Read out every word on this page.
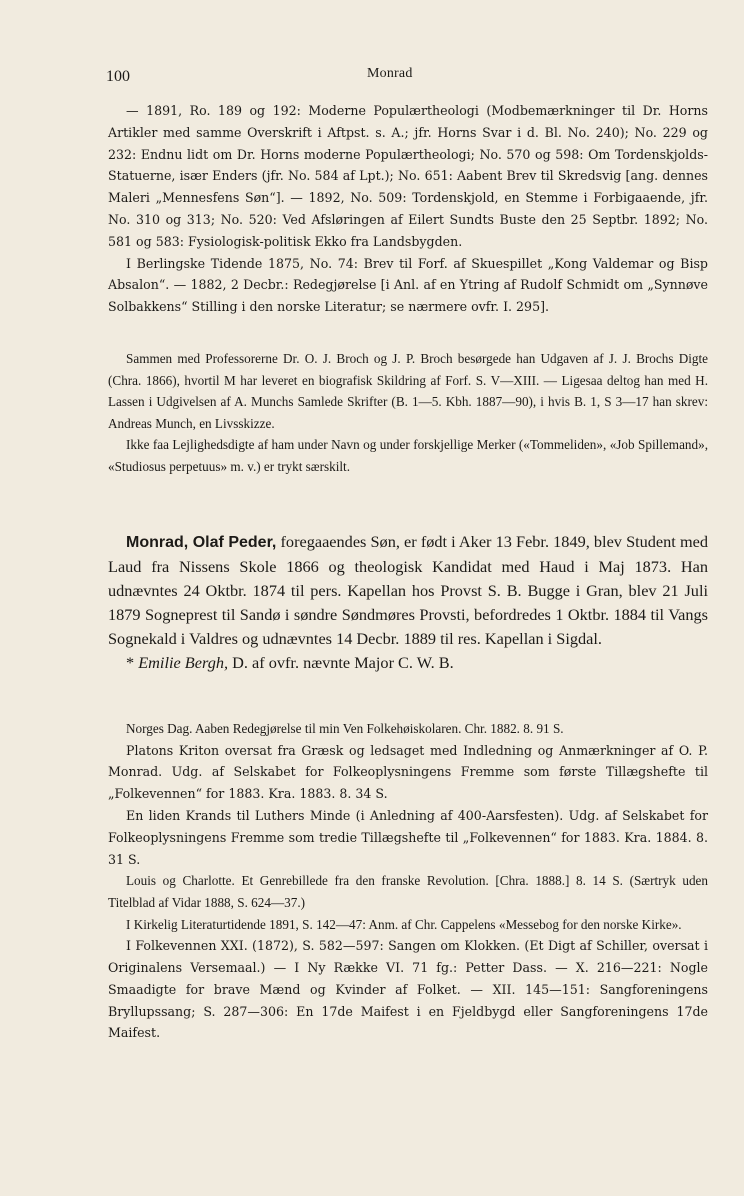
100	Monrad

— 1891, Ro. 189 og 192: Moderne Populærtheologi (Modbemærkninger til Dr. Horns Artikler med samme Overskrift i Aftpst. s. A.; jfr. Horns Svar i d. Bl. No. 240); No. 229 og 232: Endnu lidt om Dr. Horns moderne Populærtheologi; No. 570 og 598: Om Tordenskjolds-Statuerne, især Enders (jfr. No. 584 af Lpt.); No. 651: Aabent Brev til Skredsvig [ang. dennes Maleri „Mennesfens Søn“]. — 1892, No. 509: Tordenskjold, en Stemme i Forbigaaende, jfr. No. 310 og 313; No. 520: Ved Afsløringen af Eilert Sundts Buste den 25 Septbr. 1892; No. 581 og 583: Fysiologisk-politisk Ekko fra Landsbygden.

I Berlingske Tidende 1875, No. 74: Brev til Forf. af Skuespillet „Kong Valdemar og Bisp Absalon“. — 1882, 2 Decbr.: Redegjørelse [i Anl. af en Ytring af Rudolf Schmidt om „Synnøve Solbakkens“ Stilling i den norske Literatur; se nærmere ovfr. I. 295].

Sammen med Professorerne Dr. O. J. Broch og J. P. Broch besørgede han Udgaven af J. J. Brochs Digte (Chra. 1866), hvortil M har leveret en biografisk Skildring af Forf. S. V—XIII. — Ligesaa deltog han med H. Lassen i Udgivelsen af A. Munchs Samlede Skrifter (B. 1—5. Kbh. 1887—90), i hvis B. 1, S 3—17 han skrev: Andreas Munch, en Livsskizze.

Ikke faa Lejlighedsdigte af ham under Navn og under forskjellige Merker («Tommeliden», «Job Spillemand», «Studiosus perpetuus» m. v.) er trykt særskilt.

Monrad, Olaf Peder, foregaaendes Søn, er født i Aker 13 Febr. 1849, blev Student med Laud fra Nissens Skole 1866 og theologisk Kandidat med Haud i Maj 1873. Han udnævntes 24 Oktbr. 1874 til pers. Kapellan hos Provst S. B. Bugge i Gran, blev 21 Juli 1879 Sogneprest til Sandø i søndre Søndmøres Provsti, befordredes 1 Oktbr. 1884 til Vangs Sognekald i Valdres og udnævntes 14 Decbr. 1889 til res. Kapellan i Sigdal.

* Emilie Bergh, D. af ovfr. nævnte Major C. W. B.

Norges Dag. Aaben Redegjørelse til min Ven Folkehøiskolaren. Chr. 1882. 8. 91 S.

Platons Kriton oversat fra Græsk og ledsaget med Indledning og Anmærkninger af O. P. Monrad. Udg. af Selskabet for Folkeoplysningens Fremme som første Tillægshefte til „Folkevennen“ for 1883. Kra. 1883. 8. 34 S.

En liden Krands til Luthers Minde (i Anledning af 400-Aarsfesten). Udg. af Selskabet for Folkeoplysningens Fremme som tredie Tillægshefte til „Folkevennen“ for 1883. Kra. 1884. 8. 31 S.

Louis og Charlotte. Et Genrebillede fra den franske Revolution. [Chra. 1888.] 8. 14 S. (Særtryk uden Titelblad af Vidar 1888, S. 624—37.)

I Kirkelig Literaturtidende 1891, S. 142—47: Anm. af Chr. Cappelens «Messebog for den norske Kirke».

I Folkevennen XXI. (1872), S. 582—597: Sangen om Klokken. (Et Digt af Schiller, oversat i Originalens Versemaal.) — I Ny Række VI. 71 fg.: Petter Dass. — X. 216—221: Nogle Smaadigte for brave Mænd og Kvinder af Folket. — XII. 145—151: Sangforeningens Bryllupssang; S. 287—306: En 17de Maifest i en Fjeldbygd eller Sangforeningens 17de Maifest.
